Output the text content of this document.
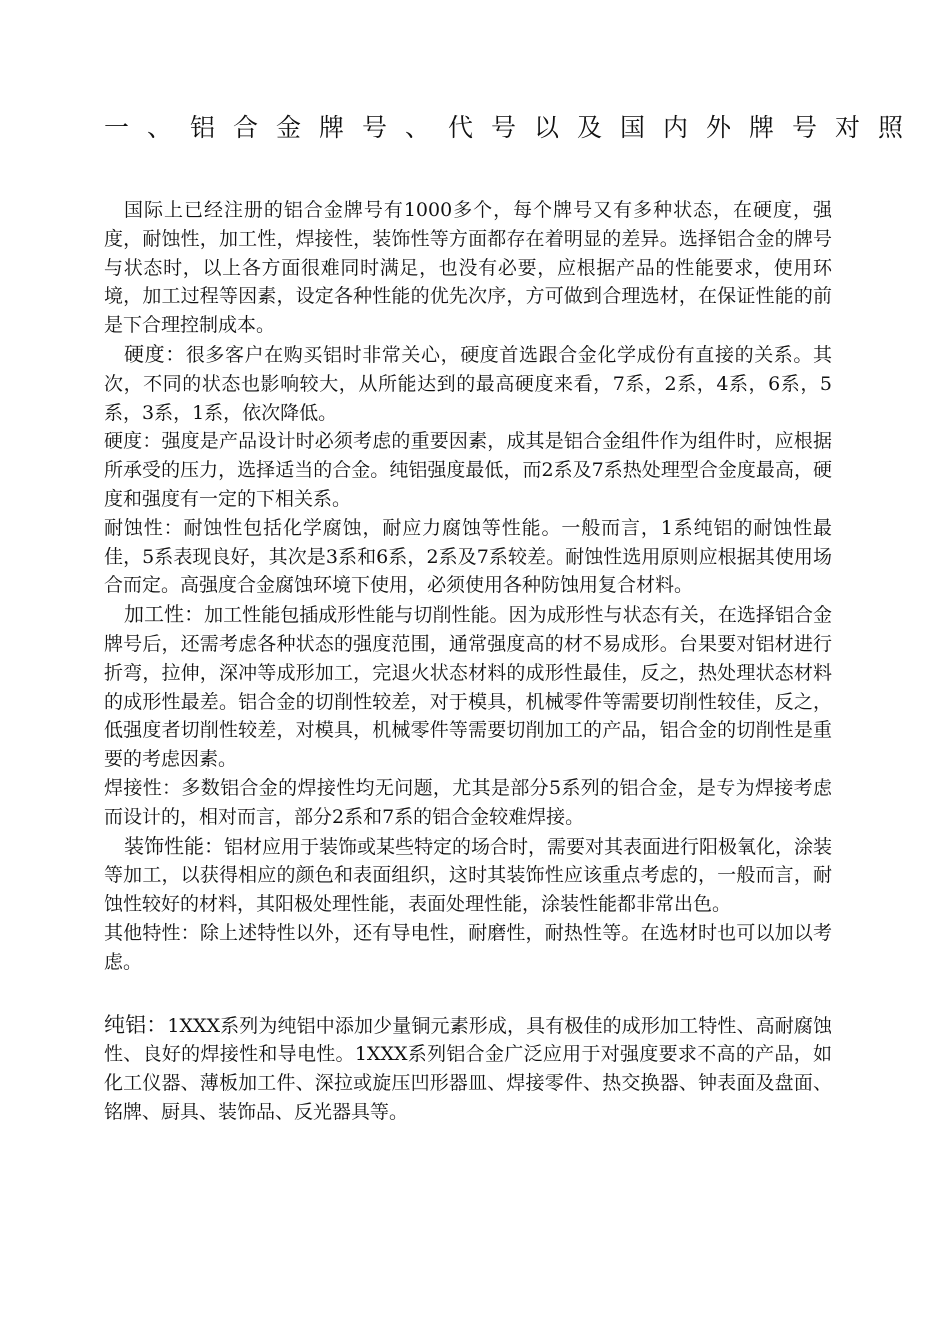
一、铝合金牌号、代号以及国内外牌号对照

国际上已经注册的铝合金牌号有1000多个，每个牌号又有多种状态，在硬度，强度，耐蚀性，加工性，焊接性，装饰性等方面都存在着明显的差异。选择铝合金的牌号与状态时，以上各方面很难同时满足，也没有必要，应根据产品的性能要求，使用环境，加工过程等因素，设定各种性能的优先次序，方可做到合理选材，在保证性能的前是下合理控制成本。

硬度：很多客户在购买铝时非常关心，硬度首选跟合金化学成份有直接的关系。其次，不同的状态也影响较大，从所能达到的最高硬度来看，7系，2系，4系，6系，5系，3系，1系，依次降低。

硬度：强度是产品设计时必须考虑的重要因素，成其是铝合金组件作为组件时，应根据所承受的压力，选择适当的合金。纯铝强度最低，而2系及7系热处理型合金度最高，硬度和强度有一定的下相关系。

耐蚀性：耐蚀性包括化学腐蚀，耐应力腐蚀等性能。一般而言，1系纯铝的耐蚀性最佳，5系表现良好，其次是3系和6系，2系及7系较差。耐蚀性选用原则应根据其使用场合而定。高强度合金腐蚀环境下使用，必须使用各种防蚀用复合材料。

加工性：加工性能包插成形性能与切削性能。因为成形性与状态有关，在选择铝合金牌号后，还需考虑各种状态的强度范围，通常强度高的材不易成形。台果要对铝材进行折弯，拉伸，深冲等成形加工，完退火状态材料的成形性最佳，反之，热处理状态材料的成形性最差。铝合金的切削性较差，对于模具，机械零件等需要切削性较佳，反之，低强度者切削性较差，对模具，机械零件等需要切削加工的产品，铝合金的切削性是重要的考虑因素。

焊接性：多数铝合金的焊接性均无问题，尤其是部分5系列的铝合金，是专为焊接考虑而设计的，相对而言，部分2系和7系的铝合金较难焊接。

装饰性能：铝材应用于装饰或某些特定的场合时，需要对其表面进行阳极氧化，涂装等加工，以获得相应的颜色和表面组织，这时其装饰性应该重点考虑的，一般而言，耐蚀性较好的材料，其阳极处理性能，表面处理性能，涂装性能都非常出色。

其他特性：除上述特性以外，还有导电性，耐磨性，耐热性等。在选材时也可以加以考虑。

纯铝：1XXX系列为纯铝中添加少量铜元素形成，具有极佳的成形加工特性、高耐腐蚀性、良好的焊接性和导电性。1XXX系列铝合金广泛应用于对强度要求不高的产品，如化工仪器、薄板加工件、深拉或旋压凹形器皿、焊接零件、热交换器、钟表面及盘面、铭牌、厨具、装饰品、反光器具等。
